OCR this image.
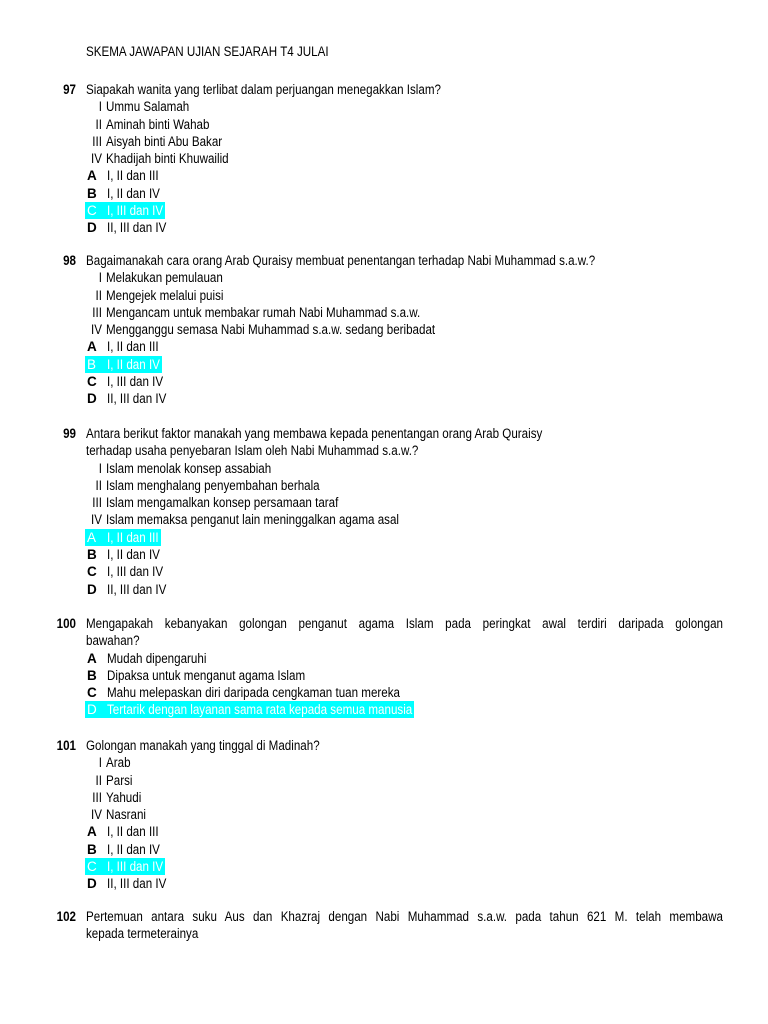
SKEMA JAWAPAN UJIAN SEJARAH T4 JULAI
97 Siapakah wanita yang terlibat dalam perjuangan menegakkan Islam?
I Ummu Salamah
II Aminah binti Wahab
III Aisyah binti Abu Bakar
IV Khadijah binti Khuwailid
A I, II dan III
B I, II dan IV
C I, III dan IV
D II, III dan IV
98 Bagaimanakah cara orang Arab Quraisy membuat penentangan terhadap Nabi Muhammad s.a.w.?
I Melakukan pemulauan
II Mengejek melalui puisi
III Mengancam untuk membakar rumah Nabi Muhammad s.a.w.
IV Mengganggu semasa Nabi Muhammad s.a.w. sedang beribadat
A I, II dan III
B I, II dan IV
C I, III dan IV
D II, III dan IV
99 Antara berikut faktor manakah yang membawa kepada penentangan orang Arab Quraisy
terhadap usaha penyebaran Islam oleh Nabi Muhammad s.a.w.?
I Islam menolak konsep assabiah
II Islam menghalang penyembahan berhala
III Islam mengamalkan konsep persamaan taraf
IV Islam memaksa penganut lain meninggalkan agama asal
A I, II dan III
B I, II dan IV
C I, III dan IV
D II, III dan IV
100 Mengapakah kebanyakan golongan penganut agama Islam pada peringkat awal terdiri daripada golongan
bawahan?
A Mudah dipengaruhi
B Dipaksa untuk menganut agama Islam
C Mahu melepaskan diri daripada cengkaman tuan mereka
D Tertarik dengan layanan sama rata kepada semua manusia
101 Golongan manakah yang tinggal di Madinah?
I Arab
II Parsi
III Yahudi
IV Nasrani
A I, II dan III
B I, II dan IV
C I, III dan IV
D II, III dan IV
102 Pertemuan antara suku Aus dan Khazraj dengan Nabi Muhammad s.a.w. pada tahun 621 M. telah membawa
kepada termeterainya
